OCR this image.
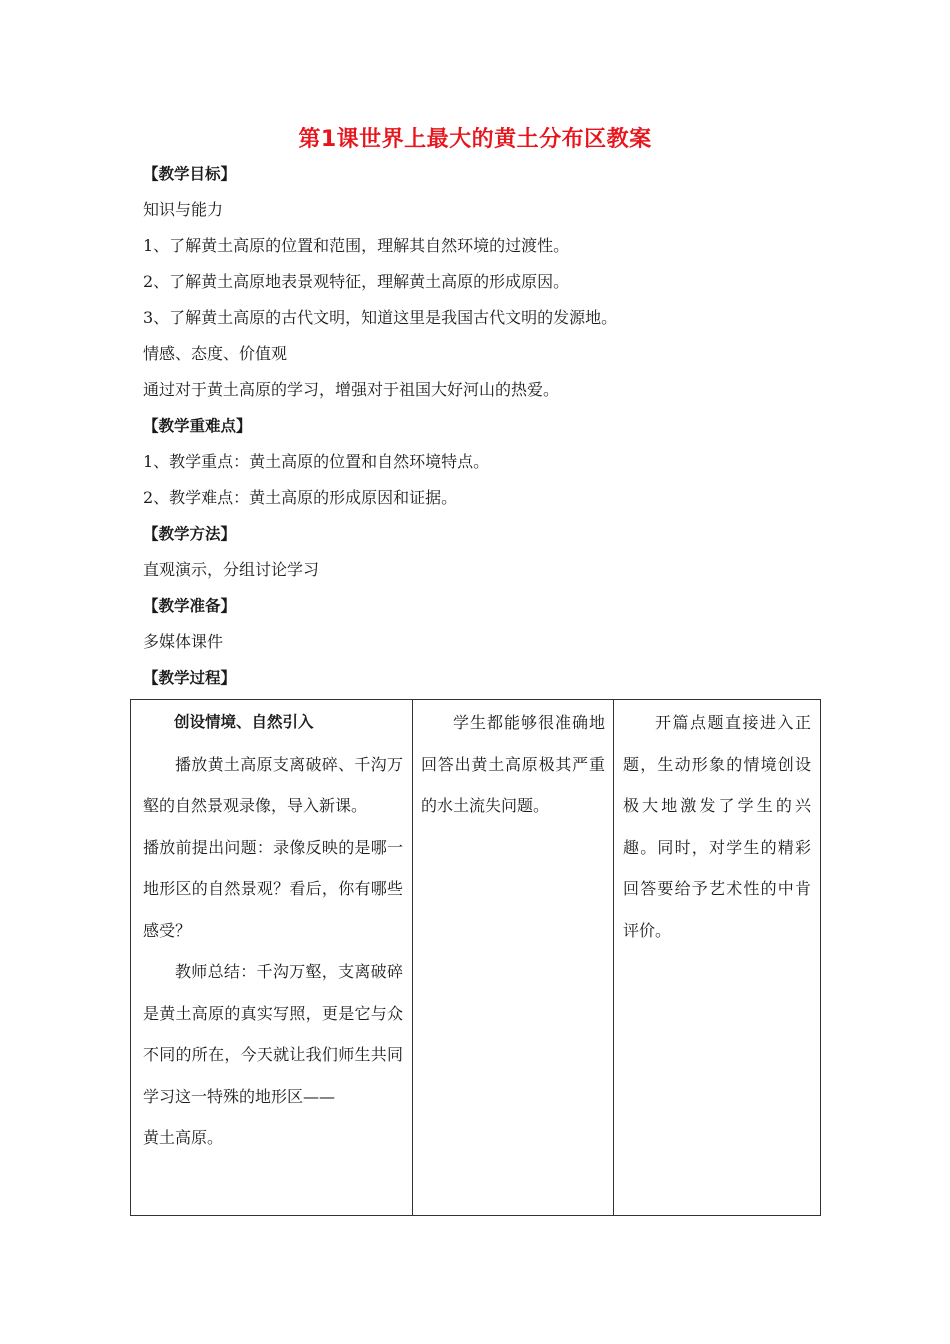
第1课世界上最大的黄土分布区教案
【教学目标】
知识与能力
1、了解黄土高原的位置和范围，理解其自然环境的过渡性。
2、了解黄土高原地表景观特征，理解黄土高原的形成原因。
3、了解黄土高原的古代文明，知道这里是我国古代文明的发源地。
情感、态度、价值观
通过对于黄土高原的学习，增强对于祖国大好河山的热爱。
【教学重难点】
1、教学重点：黄土高原的位置和自然环境特点。
2、教学难点：黄土高原的形成原因和证据。
【教学方法】
直观演示，分组讨论学习
【教学准备】
多媒体课件
【教学过程】
创设情境、自然引入
播放黄土高原支离破碎、千沟万壑的自然景观录像，导入新课。
播放前提出问题：录像反映的是哪一地形区的自然景观？看后，你有哪些感受？
教师总结：千沟万壑，支离破碎是黄土高原的真实写照，更是它与众不同的所在，今天就让我们师生共同学习这一特殊的地形区——
黄土高原。

学生都能够很准确地回答出黄土高原极其严重的水土流失问题。

开篇点题直接进入正题，生动形象的情境创设极大地激发了学生的兴趣。同时，对学生的精彩回答要给予艺术性的中肯评价。
